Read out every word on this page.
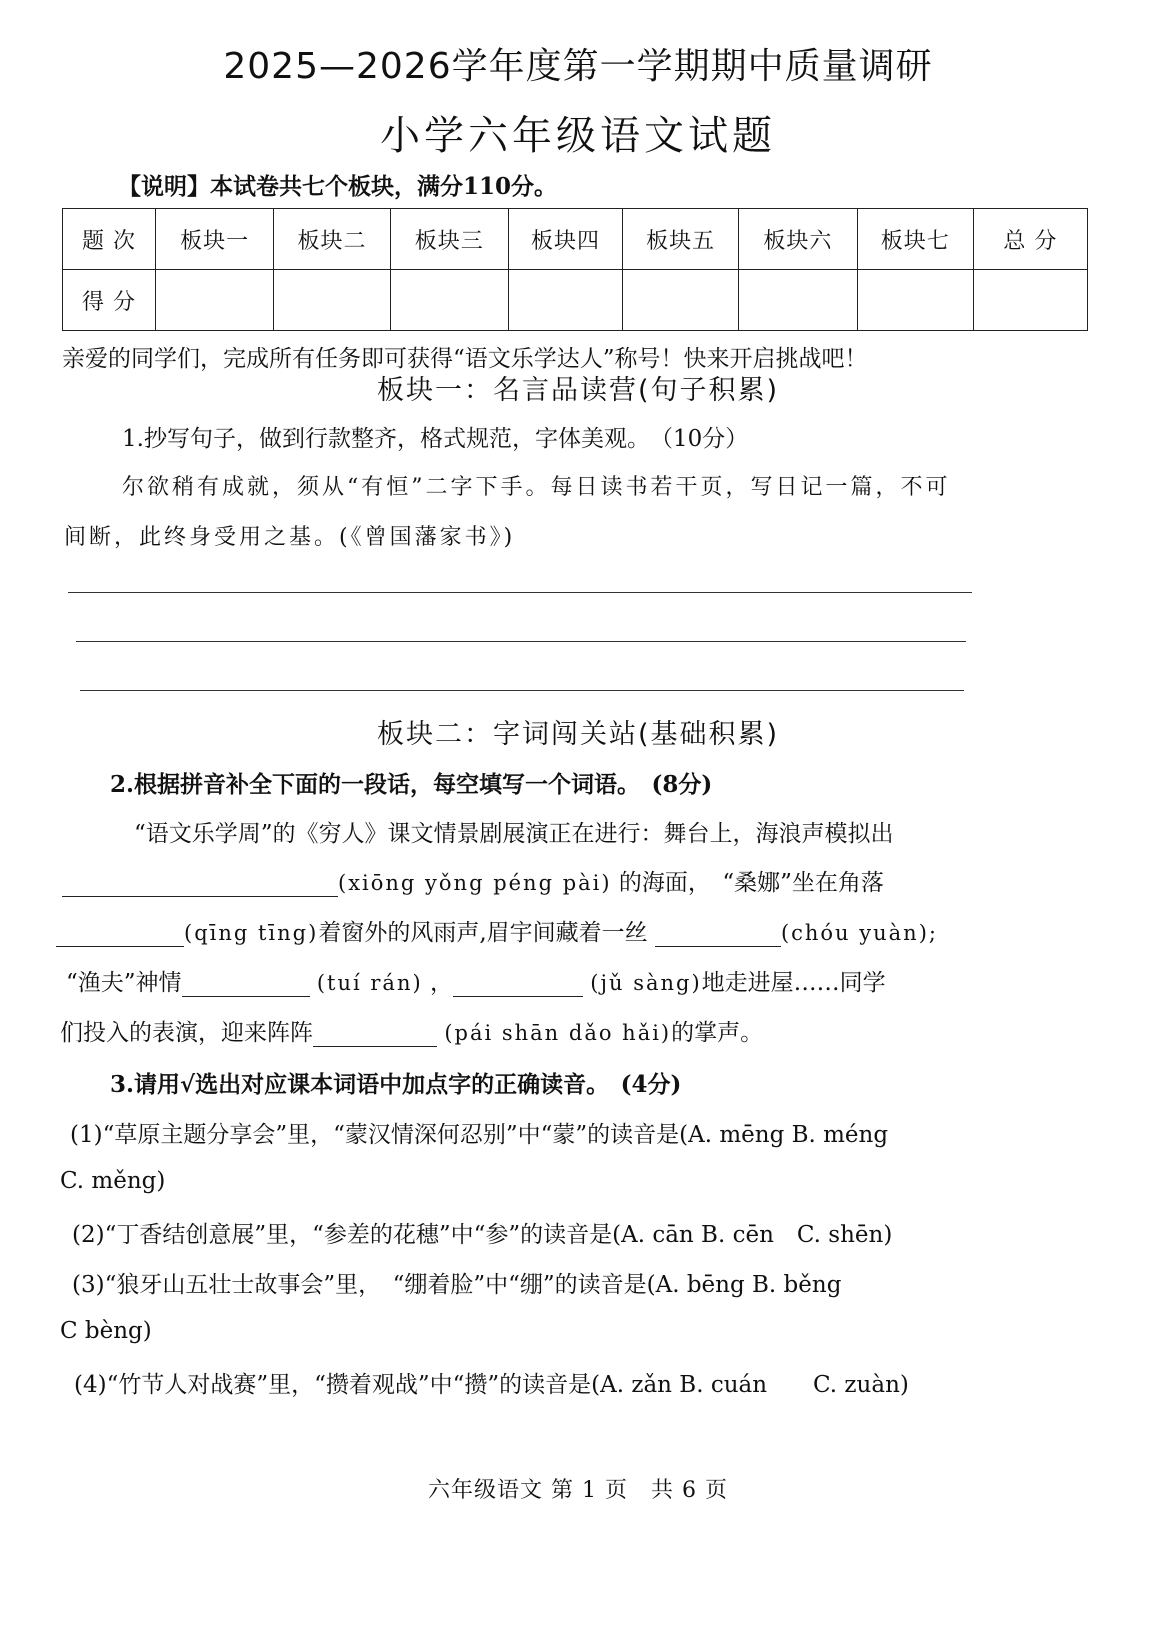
2025—2026学年度第一学期期中质量调研
小学六年级语文试题
【说明】本试卷共七个板块，满分110分。
题 次	板块一	板块二	板块三	板块四	板块五	板块六	板块七	总 分
得 分								
亲爱的同学们，完成所有任务即可获得“语文乐学达人”称号！快来开启挑战吧！
板块一：名言品读营(句子积累)
1.抄写句子，做到行款整齐，格式规范，字体美观。　（10分）
尔欲稍有成就，须从“有恒”二字下手。每日读书若干页，写日记一篇，不可
间断，此终身受用之基。(《曾国藩家书》)
板块二：字词闯关站(基础积累)
2.根据拼音补全下面的一段话，每空填写一个词语。　(8分)
“语文乐学周”的《穷人》课文情景剧展演正在进行：舞台上，海浪声模拟出
(xiōng yǒng péng pài) 的海面，　“桑娜”坐在角落
(qīng tīng)着窗外的风雨声,眉宇间藏着一丝	(chóu yuàn);
“渔夫”神情	(tuí rán) ，	(jǔ sàng)地走进屋……同学
们投入的表演，迎来阵阵	(pái shān dǎo hǎi)的掌声。
3.请用√选出对应课本词语中加点字的正确读音。　(4分)
(1)“草原主题分享会”里，“蒙汉情深何忍别”中“蒙”的读音是(A. mēng B. méng
C. měng)
(2)“丁香结创意展”里，“参差的花穗”中“参”的读音是(A. cān B. cēn　C. shēn)
(3)“狼牙山五壮士故事会”里，　“绷着脸”中“绷”的读音是(A. bēng B. běng
C bèng)
(4)“竹节人对战赛”里，“攒着观战”中“攒”的读音是(A. zǎn B. cuán　　C. zuàn)
六年级语文 第 1 页　共 6 页
